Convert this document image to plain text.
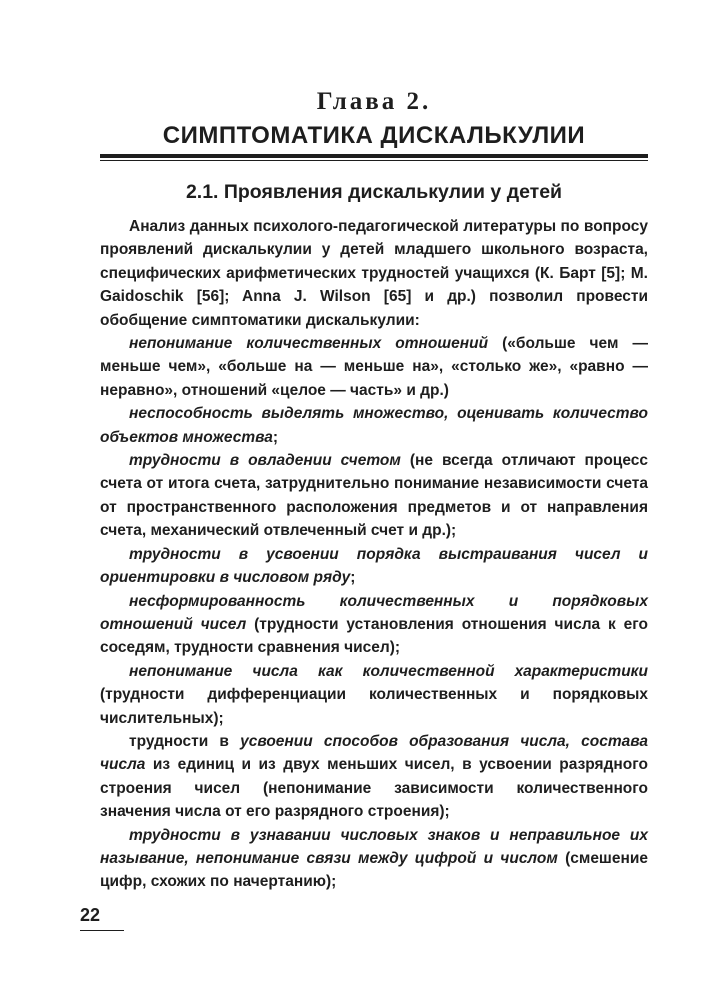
Глава 2.
СИМПТОМАТИКА ДИСКАЛЬКУЛИИ
2.1. Проявления дискалькулии у детей

Анализ данных психолого-педагогической литературы по вопросу проявлений дискалькулии у детей младшего школьного возраста, специфических арифметических трудностей учащихся (К. Барт [5]; M. Gaidoschik [56]; Anna J. Wilson [65] и др.) позволил провести обобщение симптоматики дискалькулии:

непонимание количественных отношений («больше чем — меньше чем», «больше на — меньше на», «столько же», «равно — неравно», отношений «целое — часть» и др.)

неспособность выделять множество, оценивать количество объектов множества;

трудности в овладении счетом (не всегда отличают процесс счета от итога счета, затруднительно понимание независимости счета от пространственного расположения предметов и от направления счета, механический отвлеченный счет и др.);

трудности в усвоении порядка выстраивания чисел и ориентировки в числовом ряду;

несформированность количественных и порядковых отношений чисел (трудности установления отношения числа к его соседям, трудности сравнения чисел);

непонимание числа как количественной характеристики (трудности дифференциации количественных и порядковых числительных);

трудности в усвоении способов образования числа, состава числа из единиц и из двух меньших чисел, в усвоении разрядного строения чисел (непонимание зависимости количественного значения числа от его разрядного строения);

трудности в узнавании числовых знаков и неправильное их называние, непонимание связи между цифрой и числом (смешение цифр, схожих по начертанию);

22
